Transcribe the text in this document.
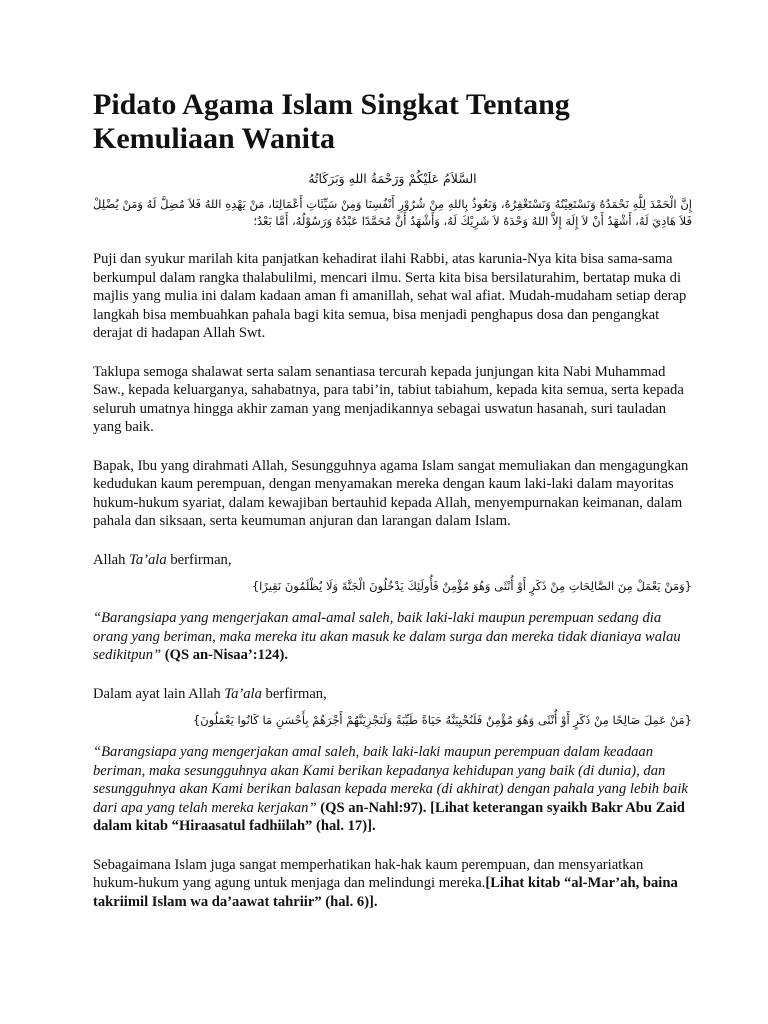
Pidato Agama Islam Singkat Tentang Kemuliaan Wanita

السَّلاَمُ عَلَيْكُمْ وَرَحْمَةُ اللهِ وَبَرَكَاتُهُ

إِنَّ الْحَمْدَ لِلَّهِ نَحْمَدُهُ وَنَسْتَعِيْنُهُ وَنَسْتَغْفِرُهُ، وَنَعُوذُ بِاللهِ مِنْ شُرُوْرِ أَنْفُسِنَا وَمِنْ سَيِّئَاتِ أَعْمَالِنَا، مَنْ يَهْدِهِ اللهُ فَلاَ مُضِلَّ لَهُ وَمَنْ يُضْلِلْ فَلاَ هَادِيَ لَهُ، أَشْهَدُ أَنْ لاَ إِلَهَ إِلاَّ اللهُ وَحْدَهُ لاَ شَرِيْكَ لَهُ، وَأَشْهَدُ أَنَّ مُحَمَّدًا عَبْدُهُ وَرَسُوْلُهُ، أَمَّا بَعْدُ؛

Puji dan syukur marilah kita panjatkan kehadirat ilahi Rabbi, atas karunia-Nya kita bisa sama-sama berkumpul dalam rangka thalabulilmi, mencari ilmu. Serta kita bisa bersilaturahim, bertatap muka di majlis yang mulia ini dalam kadaan aman fi amanillah, sehat wal afiat. Mudah-mudaham setiap derap langkah bisa membuahkan pahala bagi kita semua, bisa menjadi penghapus dosa dan pengangkat derajat di hadapan Allah Swt.

Taklupa semoga shalawat serta salam senantiasa tercurah kepada junjungan kita Nabi Muhammad Saw., kepada keluarganya, sahabatnya, para tabi’in, tabiut tabiahum, kepada kita semua, serta kepada seluruh umatnya hingga akhir zaman yang menjadikannya sebagai uswatun hasanah, suri tauladan yang baik.

Bapak, Ibu yang dirahmati Allah, Sesungguhnya agama Islam sangat memuliakan dan mengagungkan kedudukan kaum perempuan, dengan menyamakan mereka dengan kaum laki-laki dalam mayoritas hukum-hukum syariat, dalam kewajiban bertauhid kepada Allah, menyempurnakan keimanan, dalam pahala dan siksaan, serta keumuman anjuran dan larangan dalam Islam.

Allah Ta’ala berfirman,

{وَمَنْ يَعْمَلْ مِنَ الصَّالِحَاتِ مِنْ ذَكَرٍ أَوْ أُنْثَى وَهُوَ مُؤْمِنٌ فَأُولَئِكَ يَدْخُلُونَ الْجَنَّةَ وَلَا يُظْلَمُونَ نَقِيرًا}

“Barangsiapa yang mengerjakan amal-amal saleh, baik laki-laki maupun perempuan sedang dia orang yang beriman, maka mereka itu akan masuk ke dalam surga dan mereka tidak dianiaya walau sedikitpun” (QS an-Nisaa’:124).

Dalam ayat lain Allah Ta’ala berfirman,

{مَنْ عَمِلَ صَالِحًا مِنْ ذَكَرٍ أَوْ أُنْثَى وَهُوَ مُؤْمِنٌ فَلَنُحْيِيَنَّهُ حَيَاةً طَيِّبَةً وَلَنَجْزِيَنَّهُمْ أَجْرَهُمْ بِأَحْسَنِ مَا كَانُوا يَعْمَلُونَ}

“Barangsiapa yang mengerjakan amal saleh, baik laki-laki maupun perempuan dalam keadaan beriman, maka sesungguhnya akan Kami berikan kepadanya kehidupan yang baik (di dunia), dan sesungguhnya akan Kami berikan balasan kepada mereka (di akhirat) dengan pahala yang lebih baik dari apa yang telah mereka kerjakan” (QS an-Nahl:97). [Lihat keterangan syaikh Bakr Abu Zaid dalam kitab “Hiraasatul fadhiilah” (hal. 17)].

Sebagaimana Islam juga sangat memperhatikan hak-hak kaum perempuan, dan mensyariatkan hukum-hukum yang agung untuk menjaga dan melindungi mereka.[Lihat kitab “al-Mar’ah, baina takriimil Islam wa da’aawat tahriir” (hal. 6)].
